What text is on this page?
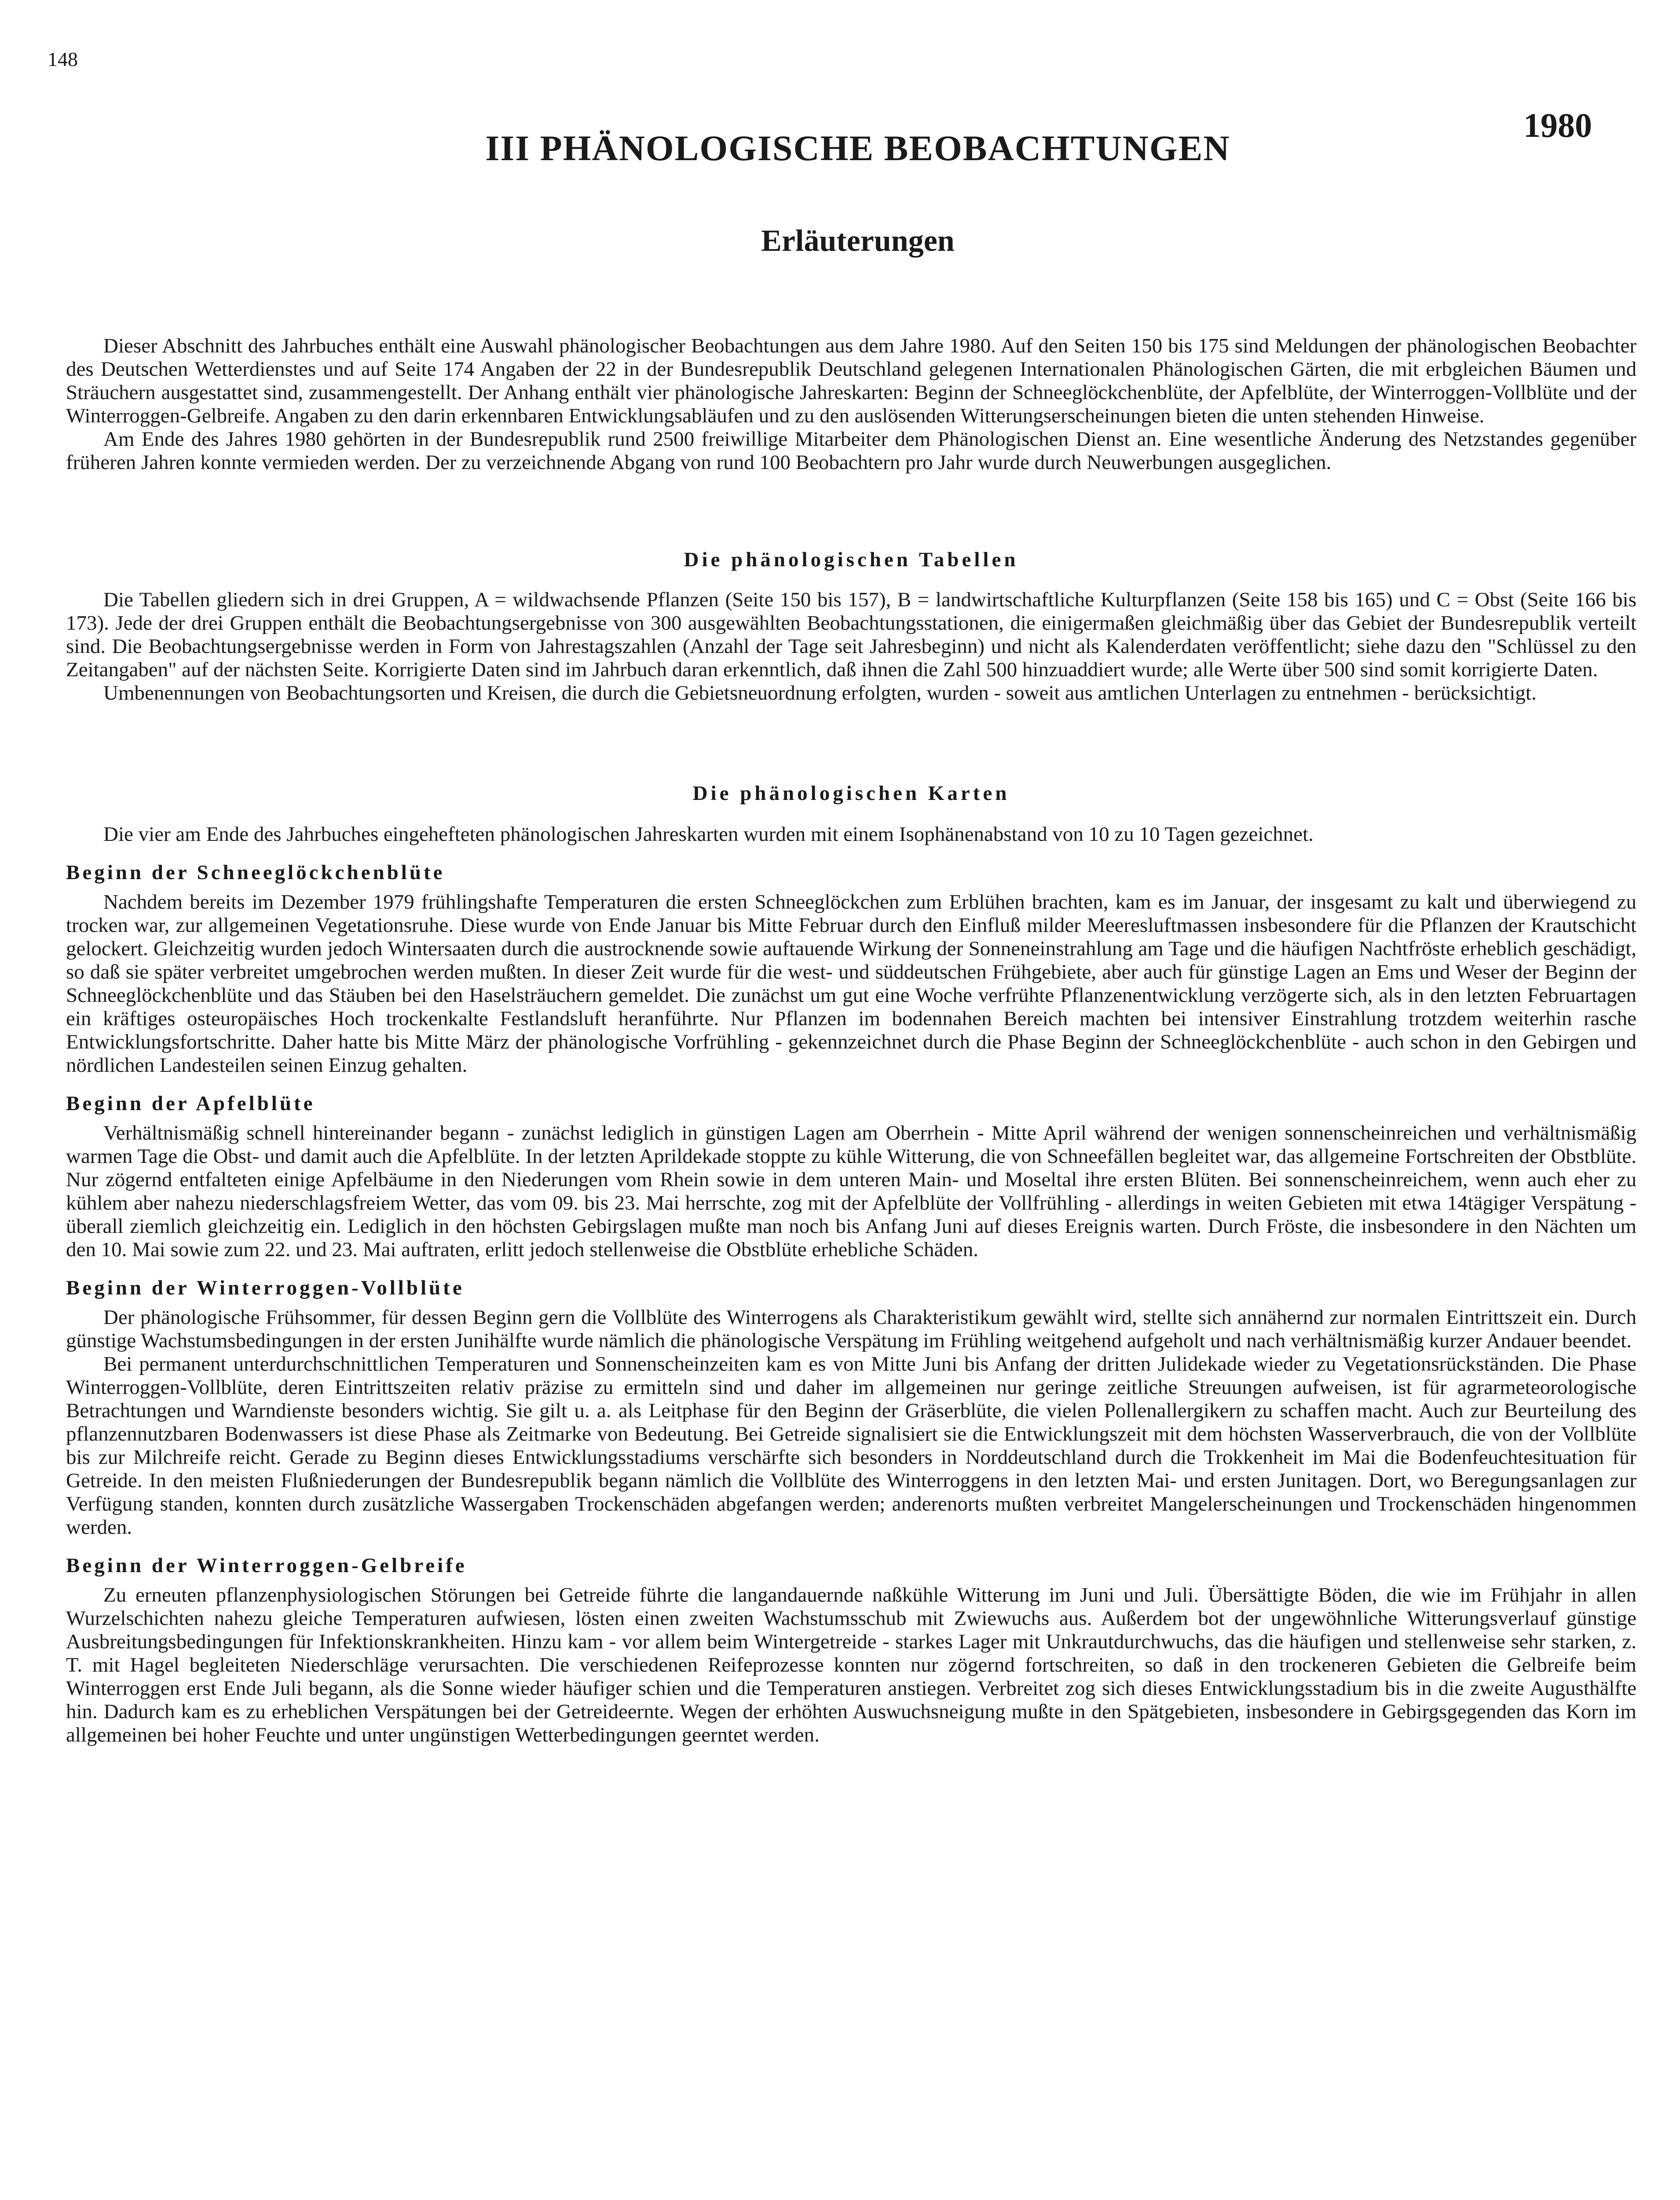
148
1980
III PHÄNOLOGISCHE BEOBACHTUNGEN
Erläuterungen

Dieser Abschnitt des Jahrbuches enthält eine Auswahl phänologischer Beobachtungen aus dem Jahre 1980. Auf den Seiten 150 bis 175 sind Meldungen der phänologischen Beobachter des Deutschen Wetterdienstes und auf Seite 174 Angaben der 22 in der Bundesrepublik Deutschland gelegenen Internationalen Phänologischen Gärten, die mit erbgleichen Bäumen und Sträuchern ausgestattet sind, zusammengestellt. Der Anhang enthält vier phänologische Jahreskarten: Beginn der Schneeglöckchenblüte, der Apfelblüte, der Winterroggen-Vollblüte und der Winterroggen-Gelbreife. Angaben zu den darin erkennbaren Entwicklungsabläufen und zu den auslösenden Witterungserscheinungen bieten die unten stehenden Hinweise.

Am Ende des Jahres 1980 gehörten in der Bundesrepublik rund 2500 freiwillige Mitarbeiter dem Phänologischen Dienst an. Eine wesentliche Änderung des Netzstandes gegenüber früheren Jahren konnte vermieden werden. Der zu verzeichnende Abgang von rund 100 Beobachtern pro Jahr wurde durch Neuwerbungen ausgeglichen.

Die phänologischen Tabellen

Die Tabellen gliedern sich in drei Gruppen, A = wildwachsende Pflanzen (Seite 150 bis 157), B = landwirtschaftliche Kulturpflanzen (Seite 158 bis 165) und C = Obst (Seite 166 bis 173). Jede der drei Gruppen enthält die Beobachtungsergebnisse von 300 ausgewählten Beobachtungsstationen, die einigermaßen gleichmäßig über das Gebiet der Bundesrepublik verteilt sind. Die Beobachtungsergebnisse werden in Form von Jahrestagszahlen (Anzahl der Tage seit Jahresbeginn) und nicht als Kalenderdaten veröffentlicht; siehe dazu den "Schlüssel zu den Zeitangaben" auf der nächsten Seite. Korrigierte Daten sind im Jahrbuch daran erkenntlich, daß ihnen die Zahl 500 hinzuaddiert wurde; alle Werte über 500 sind somit korrigierte Daten.

Umbenennungen von Beobachtungsorten und Kreisen, die durch die Gebietsneuordnung erfolgten, wurden - soweit aus amtlichen Unterlagen zu entnehmen - berücksichtigt.

Die phänologischen Karten

Die vier am Ende des Jahrbuches eingehefteten phänologischen Jahreskarten wurden mit einem Isophänenabstand von 10 zu 10 Tagen gezeichnet.

Beginn der Schneeglöckchenblüte

Nachdem bereits im Dezember 1979 frühlingshafte Temperaturen die ersten Schneeglöckchen zum Erblühen brachten, kam es im Januar, der insgesamt zu kalt und überwiegend zu trocken war, zur allgemeinen Vegetationsruhe. Diese wurde von Ende Januar bis Mitte Februar durch den Einfluß milder Meeresluftmassen insbesondere für die Pflanzen der Krautschicht gelockert. Gleichzeitig wurden jedoch Wintersaaten durch die austrocknende sowie auftauende Wirkung der Sonneneinstrahlung am Tage und die häufigen Nachtfröste erheblich geschädigt, so daß sie später verbreitet umgebrochen werden mußten. In dieser Zeit wurde für die west- und süddeutschen Frühgebiete, aber auch für günstige Lagen an Ems und Weser der Beginn der Schneeglöckchenblüte und das Stäuben bei den Haselsträuchern gemeldet. Die zunächst um gut eine Woche verfrühte Pflanzenentwicklung verzögerte sich, als in den letzten Februartagen ein kräftiges osteuropäisches Hoch trockenkalte Festlandsluft heranführte. Nur Pflanzen im bodennahen Bereich machten bei intensiver Einstrahlung trotzdem weiterhin rasche Entwicklungsfortschritte. Daher hatte bis Mitte März der phänologische Vorfrühling - gekennzeichnet durch die Phase Beginn der Schneeglöckchenblüte - auch schon in den Gebirgen und nördlichen Landesteilen seinen Einzug gehalten.

Beginn der Apfelblüte

Verhältnismäßig schnell hintereinander begann - zunächst lediglich in günstigen Lagen am Oberrhein - Mitte April während der wenigen sonnenscheinreichen und verhältnismäßig warmen Tage die Obst- und damit auch die Apfelblüte. In der letzten Aprildekade stoppte zu kühle Witterung, die von Schneefällen begleitet war, das allgemeine Fortschreiten der Obstblüte. Nur zögernd entfalteten einige Apfelbäume in den Niederungen vom Rhein sowie in dem unteren Main- und Moseltal ihre ersten Blüten. Bei sonnenscheinreichem, wenn auch eher zu kühlem aber nahezu niederschlagsfreiem Wetter, das vom 09. bis 23. Mai herrschte, zog mit der Apfelblüte der Vollfrühling - allerdings in weiten Gebieten mit etwa 14tägiger Verspätung - überall ziemlich gleichzeitig ein. Lediglich in den höchsten Gebirgslagen mußte man noch bis Anfang Juni auf dieses Ereignis warten. Durch Fröste, die insbesondere in den Nächten um den 10. Mai sowie zum 22. und 23. Mai auftraten, erlitt jedoch stellenweise die Obstblüte erhebliche Schäden.

Beginn der Winterroggen-Vollblüte

Der phänologische Frühsommer, für dessen Beginn gern die Vollblüte des Winterrogens als Charakteristikum gewählt wird, stellte sich annähernd zur normalen Eintrittszeit ein. Durch günstige Wachstumsbedingungen in der ersten Junihälfte wurde nämlich die phänologische Verspätung im Frühling weitgehend aufgeholt und nach verhältnismäßig kurzer Andauer beendet.

Bei permanent unterdurchschnittlichen Temperaturen und Sonnenscheinzeiten kam es von Mitte Juni bis Anfang der dritten Julidekade wieder zu Vegetationsrückständen. Die Phase Winterroggen-Vollblüte, deren Eintrittszeiten relativ präzise zu ermitteln sind und daher im allgemeinen nur geringe zeitliche Streuungen aufweisen, ist für agrarmeteorologische Betrachtungen und Warndienste besonders wichtig. Sie gilt u. a. als Leitphase für den Beginn der Gräserblüte, die vielen Pollenallergikern zu schaffen macht. Auch zur Beurteilung des pflanzennutzbaren Bodenwassers ist diese Phase als Zeitmarke von Bedeutung. Bei Getreide signalisiert sie die Entwicklungszeit mit dem höchsten Wasserverbrauch, die von der Vollblüte bis zur Milchreife reicht. Gerade zu Beginn dieses Entwicklungsstadiums verschärfte sich besonders in Norddeutschland durch die Trokkenheit im Mai die Bodenfeuchtesituation für Getreide. In den meisten Flußniederungen der Bundesrepublik begann nämlich die Vollblüte des Winterroggens in den letzten Mai- und ersten Junitagen. Dort, wo Beregungsanlagen zur Verfügung standen, konnten durch zusätzliche Wassergaben Trockenschäden abgefangen werden; anderenorts mußten verbreitet Mangelerscheinungen und Trockenschäden hingenommen werden.

Beginn der Winterroggen-Gelbreife

Zu erneuten pflanzenphysiologischen Störungen bei Getreide führte die langandauernde naßkühle Witterung im Juni und Juli. Übersättigte Böden, die wie im Frühjahr in allen Wurzelschichten nahezu gleiche Temperaturen aufwiesen, lösten einen zweiten Wachstumsschub mit Zwiewuchs aus. Außerdem bot der ungewöhnliche Witterungsverlauf günstige Ausbreitungsbedingungen für Infektionskrankheiten. Hinzu kam - vor allem beim Wintergetreide - starkes Lager mit Unkrautdurchwuchs, das die häufigen und stellenweise sehr starken, z. T. mit Hagel begleiteten Niederschläge verursachten. Die verschiedenen Reifeprozesse konnten nur zögernd fortschreiten, so daß in den trockeneren Gebieten die Gelbreife beim Winterroggen erst Ende Juli begann, als die Sonne wieder häufiger schien und die Temperaturen anstiegen. Verbreitet zog sich dieses Entwicklungsstadium bis in die zweite Augusthälfte hin. Dadurch kam es zu erheblichen Verspätungen bei der Getreideernte. Wegen der erhöhten Auswuchsneigung mußte in den Spätgebieten, insbesondere in Gebirgsgegenden das Korn im allgemeinen bei hoher Feuchte und unter ungünstigen Wetterbedingungen geerntet werden.
